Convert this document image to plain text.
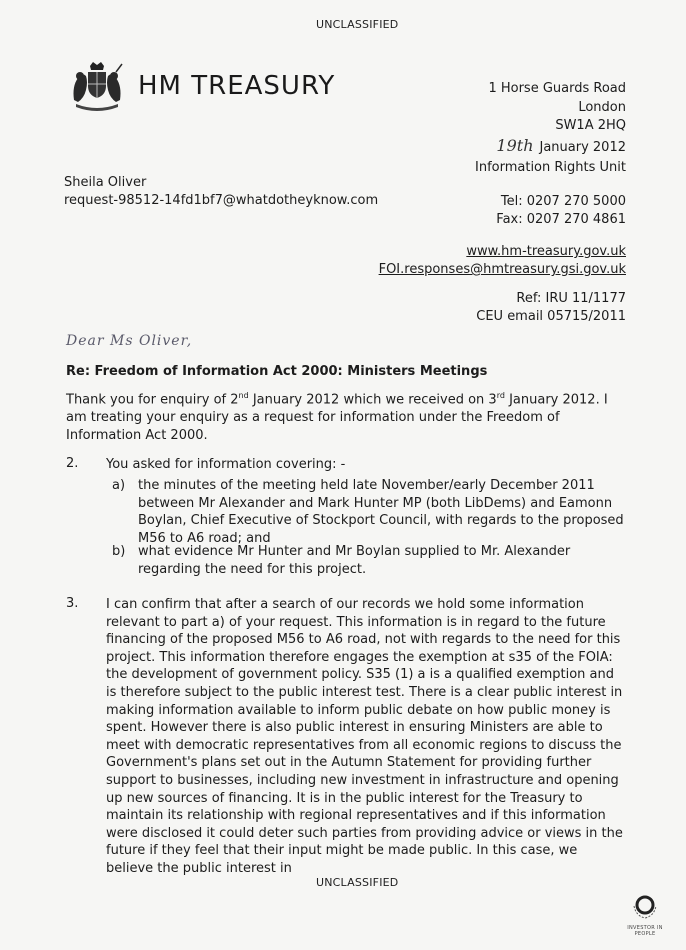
UNCLASSIFIED
HM TREASURY	1 Horse Guards Road
London
SW1A 2HQ
19th January 2012
Information Rights Unit
Sheila Oliver
request-98512-14fd1bf7@whatdotheyknow.com	Tel: 0207 270 5000
Fax: 0207 270 4861
www.hm-treasury.gov.uk
FOI.responses@hmtreasury.gsi.gov.uk
Ref: IRU 11/1177
CEU email 05715/2011
Dear Ms Oliver,
Re: Freedom of Information Act 2000: Ministers Meetings
Thank you for enquiry of 2nd January 2012 which we received on 3rd January 2012. I am treating your enquiry as a request for information under the Freedom of Information Act 2000.
2. You asked for information covering: -
a) the minutes of the meeting held late November/early December 2011 between Mr Alexander and Mark Hunter MP (both LibDems) and Eamonn Boylan, Chief Executive of Stockport Council, with regards to the proposed M56 to A6 road; and
b) what evidence Mr Hunter and Mr Boylan supplied to Mr. Alexander regarding the need for this project.
3. I can confirm that after a search of our records we hold some information relevant to part a) of your request. This information is in regard to the future financing of the proposed M56 to A6 road, not with regards to the need for this project. This information therefore engages the exemption at s35 of the FOIA: the development of government policy. S35 (1) a is a qualified exemption and is therefore subject to the public interest test. There is a clear public interest in making information available to inform public debate on how public money is spent. However there is also public interest in ensuring Ministers are able to meet with democratic representatives from all economic regions to discuss the Government's plans set out in the Autumn Statement for providing further support to businesses, including new investment in infrastructure and opening up new sources of financing. It is in the public interest for the Treasury to maintain its relationship with regional representatives and if this information were disclosed it could deter such parties from providing advice or views in the future if they feel that their input might be made public. In this case, we believe the public interest in
UNCLASSIFIED
INVESTOR IN PEOPLE
